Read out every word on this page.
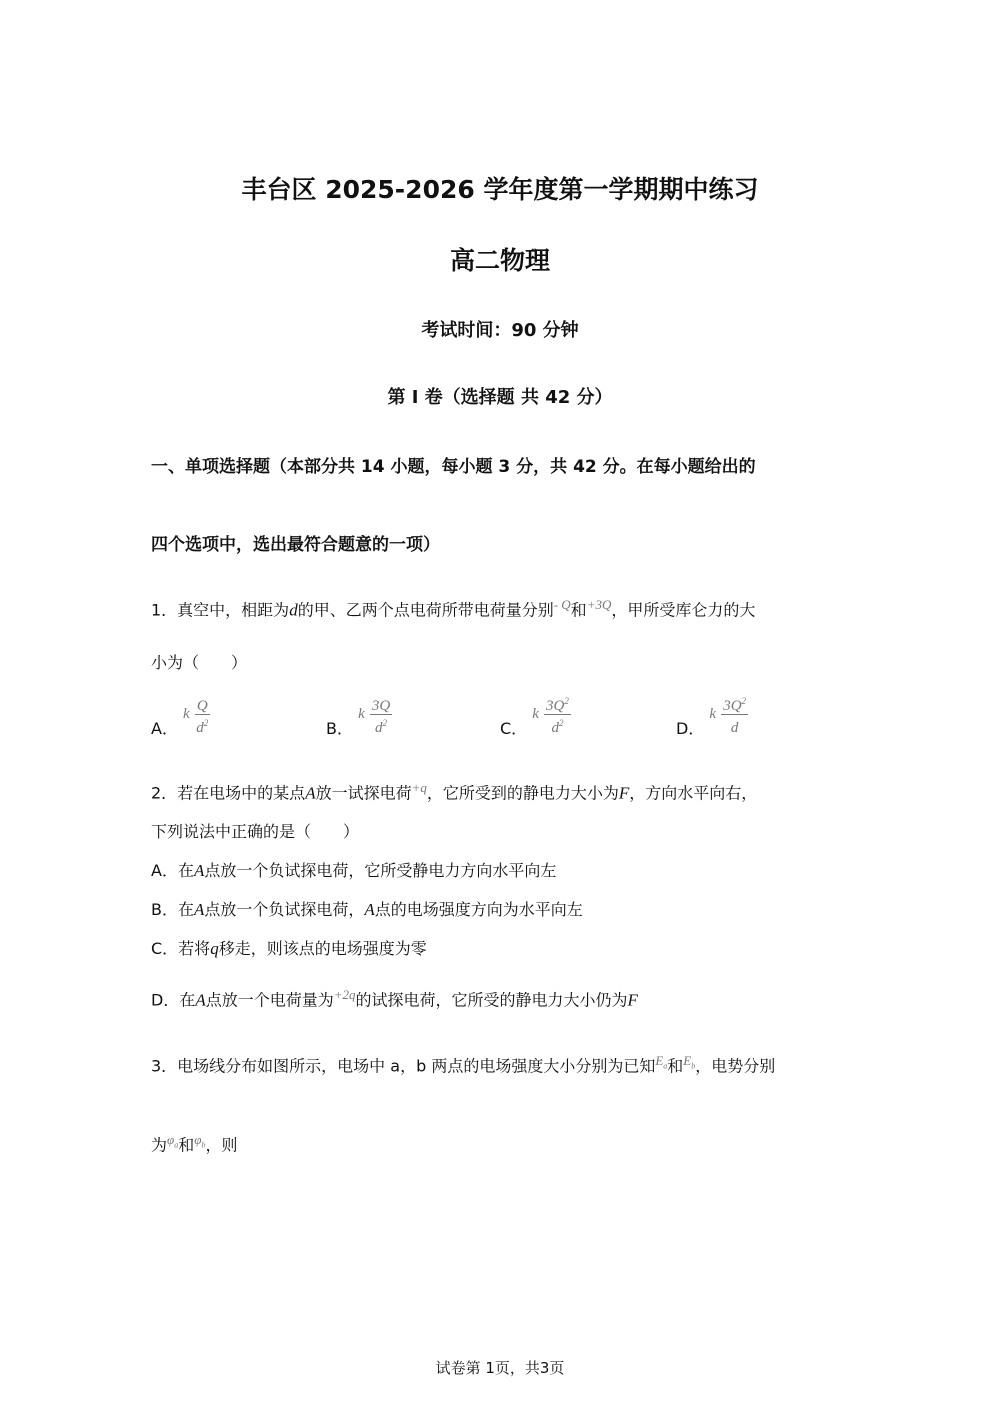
丰台区 2025-2026 学年度第一学期期中练习
高二物理
考试时间：90 分钟
第 I 卷（选择题 共 42 分）
一、单项选择题（本部分共 14 小题，每小题 3 分，共 42 分。在每小题给出的
四个选项中，选出最符合题意的一项）
1．真空中，相距为d的甲、乙两个点电荷所带电荷量分别$^{- Q}$和$^{+3Q}$，甲所受库仑力的大
小为（　　）
A． k $\frac{Q}{d^2}$	B． k $\frac{3Q}{d^2}$	C． k $\frac{3Q^2}{d^2}$	D． k $\frac{3Q^2}{d}$
2．若在电场中的某点A放一试探电荷$^{+q}$，它所受到的静电力大小为F，方向水平向右，
下列说法中正确的是（　　）
A．在A点放一个负试探电荷，它所受静电力方向水平向左
B．在A点放一个负试探电荷，A点的电场强度方向为水平向左
C．若将q移走，则该点的电场强度为零
D．在A点放一个电荷量为$^{+2q}$的试探电荷，它所受的静电力大小仍为F
3．电场线分布如图所示，电场中 a，b 两点的电场强度大小分别为已知$^{E_a}$和$^{E_b}$，电势分别
为$^{\varphi_a}$和$^{\varphi_b}$，则
试卷第 1页，共3页
